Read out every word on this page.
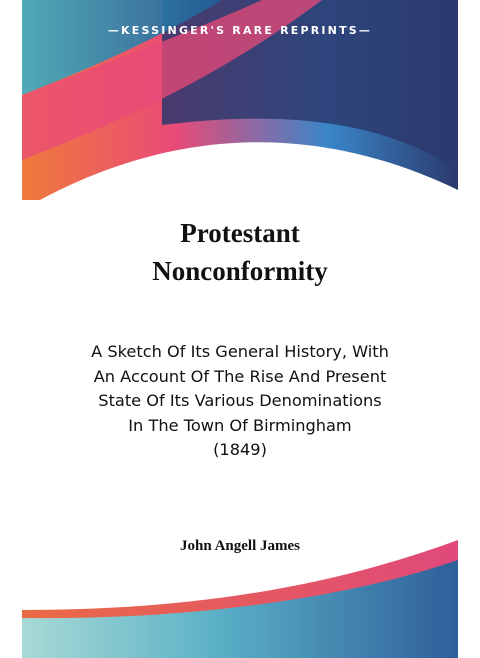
—KESSINGER'S RARE REPRINTS—
Protestant
Nonconformity
A Sketch Of Its General History, With
An Account Of The Rise And Present
State Of Its Various Denominations
In The Town Of Birmingham
(1849)
John Angell James
